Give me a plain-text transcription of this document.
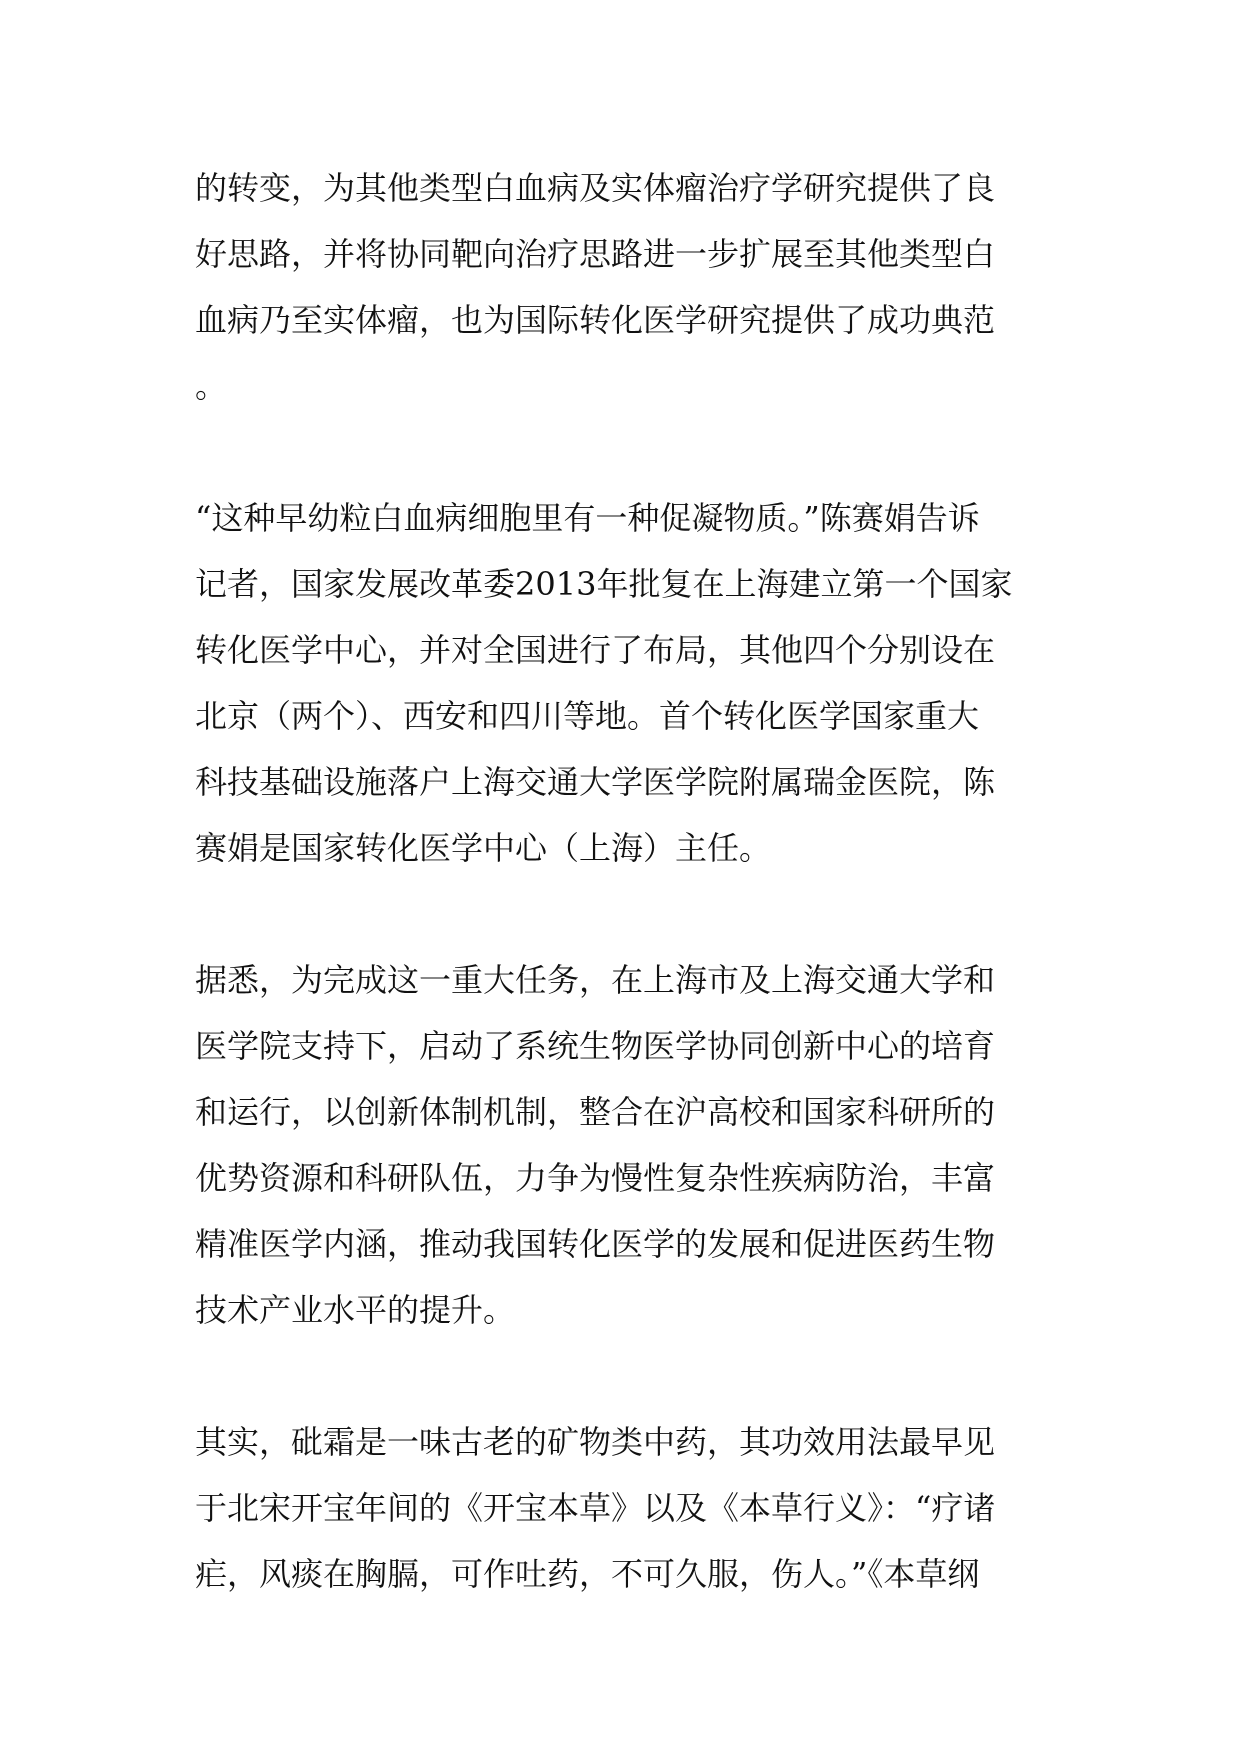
的转变，为其他类型白血病及实体瘤治疗学研究提供了良
好思路，并将协同靶向治疗思路进一步扩展至其他类型白
血病乃至实体瘤，也为国际转化医学研究提供了成功典范
。

“这种早幼粒白血病细胞里有一种促凝物质。”陈赛娟告诉
记者，国家发展改革委2013年批复在上海建立第一个国家
转化医学中心，并对全国进行了布局，其他四个分别设在
北京（两个）、西安和四川等地。首个转化医学国家重大
科技基础设施落户上海交通大学医学院附属瑞金医院，陈
赛娟是国家转化医学中心（上海）主任。

据悉，为完成这一重大任务，在上海市及上海交通大学和
医学院支持下，启动了系统生物医学协同创新中心的培育
和运行，以创新体制机制，整合在沪高校和国家科研所的
优势资源和科研队伍，力争为慢性复杂性疾病防治，丰富
精准医学内涵，推动我国转化医学的发展和促进医药生物
技术产业水平的提升。

其实，砒霜是一味古老的矿物类中药，其功效用法最早见
于北宋开宝年间的《开宝本草》以及《本草行义》：“疗诸
疟，风痰在胸膈，可作吐药，不可久服，伤人。”《本草纲
